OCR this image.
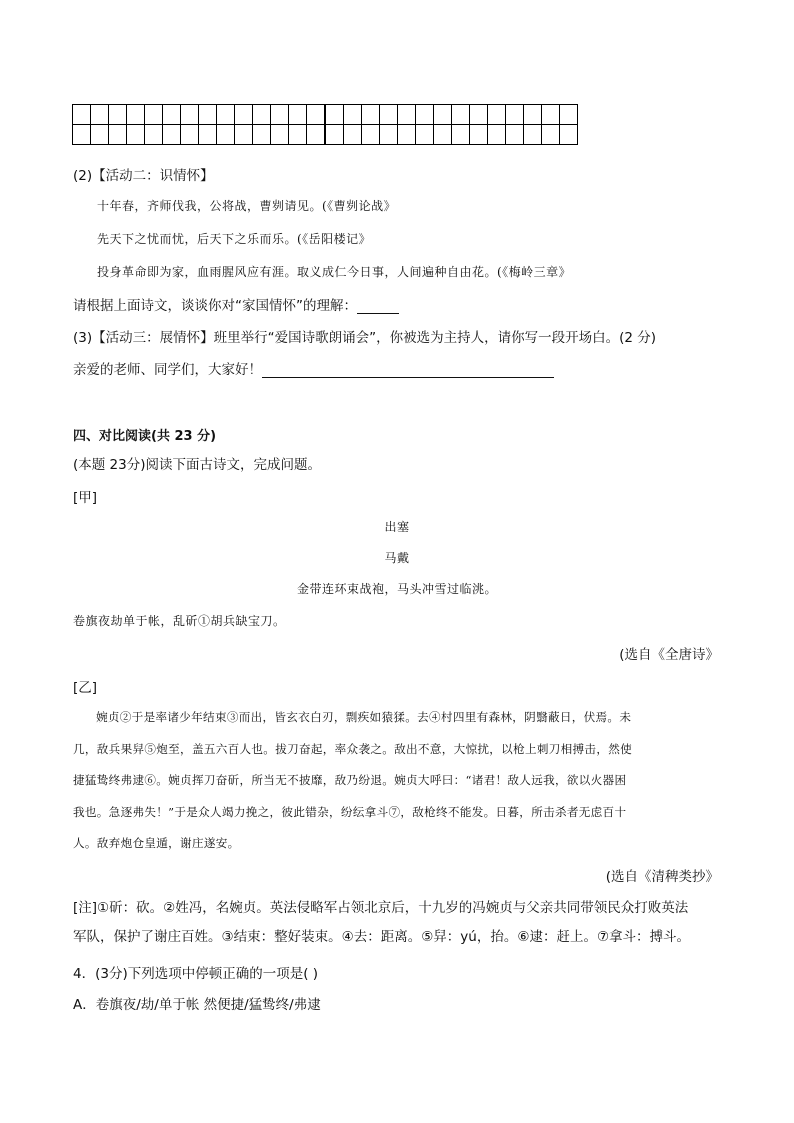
(2)【活动二：识情怀】
十年春，齐师伐我，公将战，曹刿请见。(《曹刿论战》
先天下之忧而忧，后天下之乐而乐。(《岳阳楼记》
投身革命即为家，血雨腥风应有涯。取义成仁今日事，人间遍种自由花。(《梅岭三章》
请根据上面诗文，谈谈你对“家国情怀”的理解：
(3)【活动三：展情怀】班里举行“爱国诗歌朗诵会”，你被选为主持人，请你写一段开场白。(2 分)
亲爱的老师、同学们，大家好！
四、对比阅读(共 23 分)
(本题 23分)阅读下面古诗文，完成问题。
[甲]
出塞
马戴
金带连环束战袍，马头冲雪过临洮。
卷旗夜劫单于帐，乱斫①胡兵缺宝刀。
(选自《全唐诗》
[乙]
婉贞②于是率诸少年结束③而出，皆玄衣白刃，剽疾如猿猱。去④村四里有森林，阴翳蔽日，伏焉。未
几，敌兵果舁⑤炮至，盖五六百人也。拔刀奋起，率众袭之。敌出不意，大惊扰，以枪上刺刀相搏击，然使
捷猛鸷终弗逮⑥。婉贞挥刀奋斫，所当无不披靡，敌乃纷退。婉贞大呼曰：“诸君！敌人远我，欲以火器困
我也。急逐弗失！”于是众人竭力挽之，彼此错杂，纷纭拿斗⑦，敌枪终不能发。日暮，所击杀者无虑百十
人。敌弃炮仓皇遁，谢庄遂安。
(选自《清稗类抄》
[注]①斫：砍。②姓冯，名婉贞。英法侵略军占领北京后，十九岁的冯婉贞与父亲共同带领民众打败英法
军队，保护了谢庄百姓。③结束：整好装束。④去：距离。⑤舁：yú，抬。⑥逮：赶上。⑦拿斗：搏斗。
4．(3分)下列选项中停顿正确的一项是( )
A．卷旗夜/劫/单于帐 然便捷/猛鸷终/弗逮
